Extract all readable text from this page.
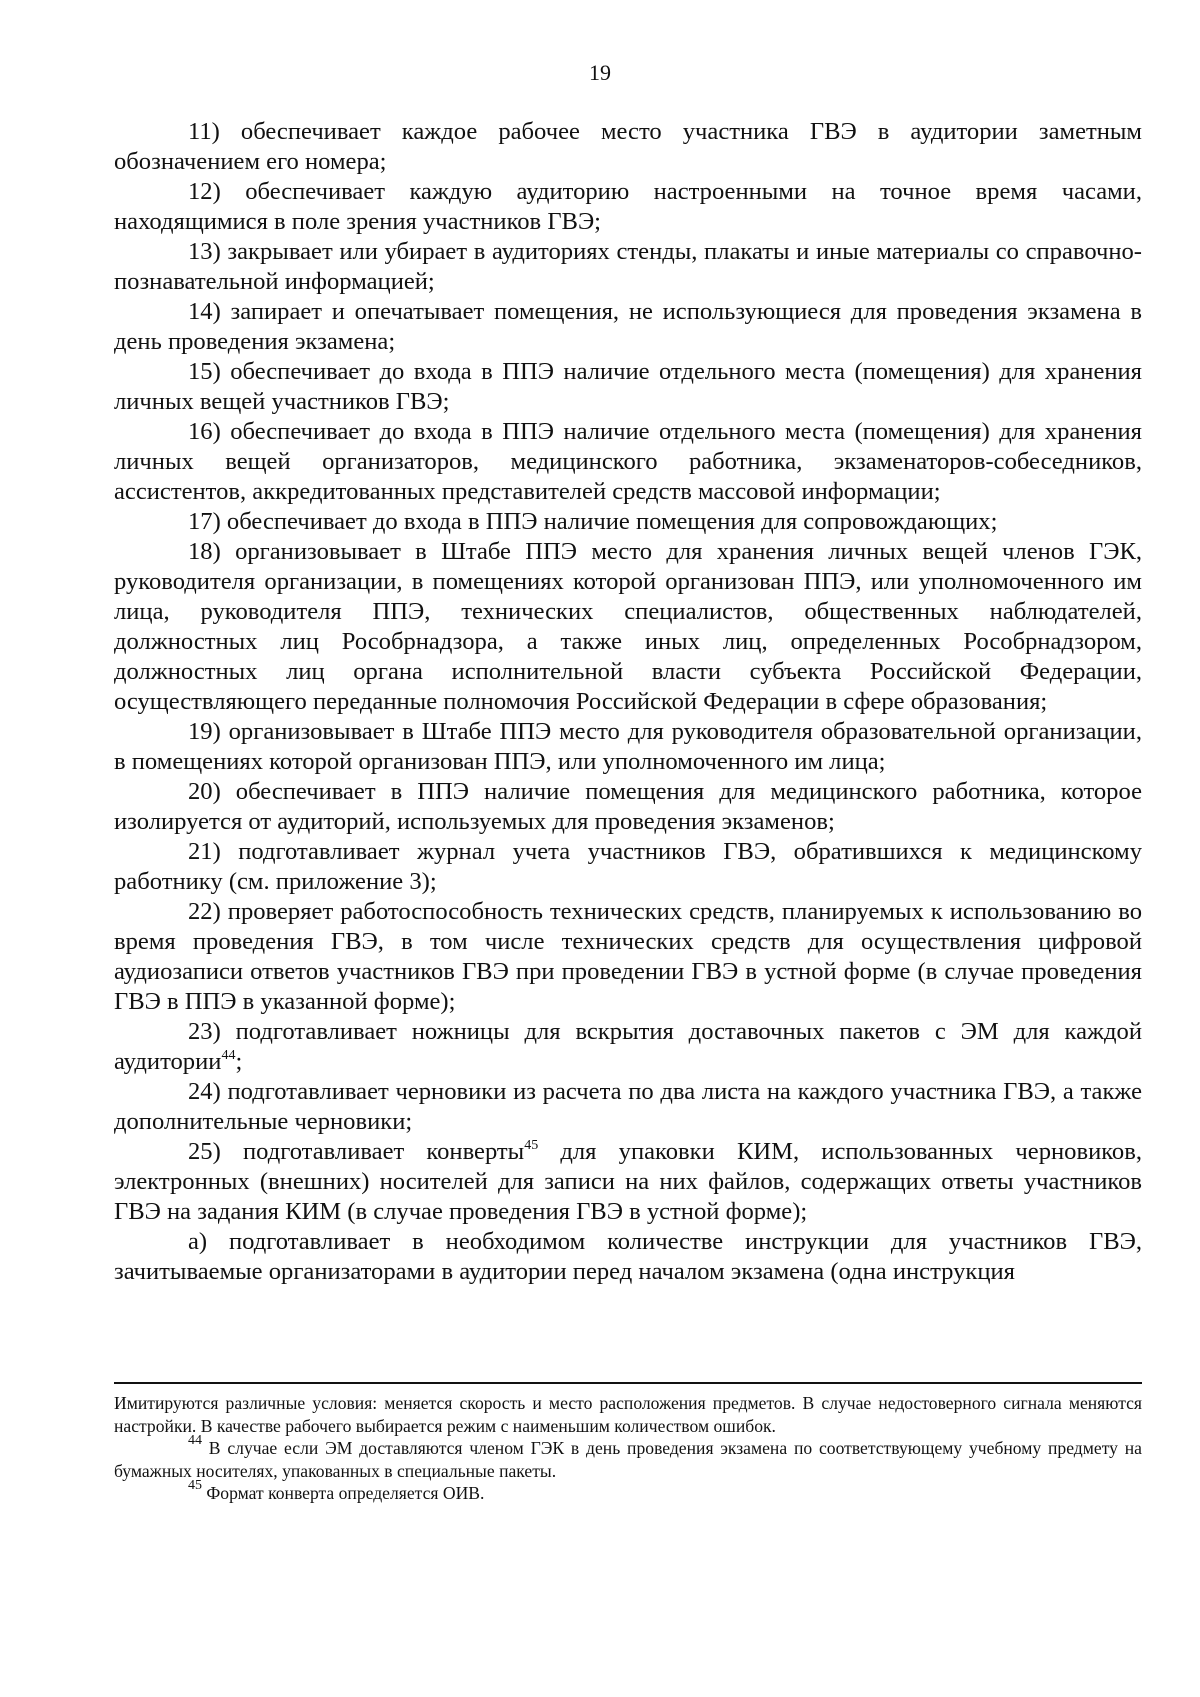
19

11) обеспечивает каждое рабочее место участника ГВЭ в аудитории заметным обозначением его номера;

12) обеспечивает каждую аудиторию настроенными на точное время часами, находящимися в поле зрения участников ГВЭ;

13) закрывает или убирает в аудиториях стенды, плакаты и иные материалы со справочно-познавательной информацией;

14) запирает и опечатывает помещения, не использующиеся для проведения экзамена в день проведения экзамена;

15) обеспечивает до входа в ППЭ наличие отдельного места (помещения) для хранения личных вещей участников ГВЭ;

16) обеспечивает до входа в ППЭ наличие отдельного места (помещения) для хранения личных вещей организаторов, медицинского работника, экзаменаторов-собеседников, ассистентов, аккредитованных представителей средств массовой информации;

17) обеспечивает до входа в ППЭ наличие помещения для сопровождающих;

18) организовывает в Штабе ППЭ место для хранения личных вещей членов ГЭК, руководителя организации, в помещениях которой организован ППЭ, или уполномоченного им лица, руководителя ППЭ, технических специалистов, общественных наблюдателей, должностных лиц Рособрнадзора, а также иных лиц, определенных Рособрнадзором, должностных лиц органа исполнительной власти субъекта Российской Федерации, осуществляющего переданные полномочия Российской Федерации в сфере образования;

19) организовывает в Штабе ППЭ место для руководителя образовательной организации, в помещениях которой организован ППЭ, или уполномоченного им лица;

20) обеспечивает в ППЭ наличие помещения для медицинского работника, которое изолируется от аудиторий, используемых для проведения экзаменов;

21) подготавливает журнал учета участников ГВЭ, обратившихся к медицинскому работнику (см. приложение 3);

22) проверяет работоспособность технических средств, планируемых к использованию во время проведения ГВЭ, в том числе технических средств для осуществления цифровой аудиозаписи ответов участников ГВЭ при проведении ГВЭ в устной форме (в случае проведения ГВЭ в ППЭ в указанной форме);

23) подготавливает ножницы для вскрытия доставочных пакетов с ЭМ для каждой аудитории$^{44}$;

24) подготавливает черновики из расчета по два листа на каждого участника ГВЭ, а также дополнительные черновики;

25) подготавливает конверты$^{45}$ для упаковки КИМ, использованных черновиков, электронных (внешних) носителей для записи на них файлов, содержащих ответы участников ГВЭ на задания КИМ (в случае проведения ГВЭ в устной форме);

а) подготавливает в необходимом количестве инструкции для участников ГВЭ, зачитываемые организаторами в аудитории перед началом экзамена (одна инструкция

Имитируются различные условия: меняется скорость и место расположения предметов. В случае недостоверного сигнала меняются настройки. В качестве рабочего выбирается режим с наименьшим количеством ошибок.

$^{44}$ В случае если ЭМ доставляются членом ГЭК в день проведения экзамена по соответствующему учебному предмету на бумажных носителях, упакованных в специальные пакеты.

$^{45}$ Формат конверта определяется ОИВ.
